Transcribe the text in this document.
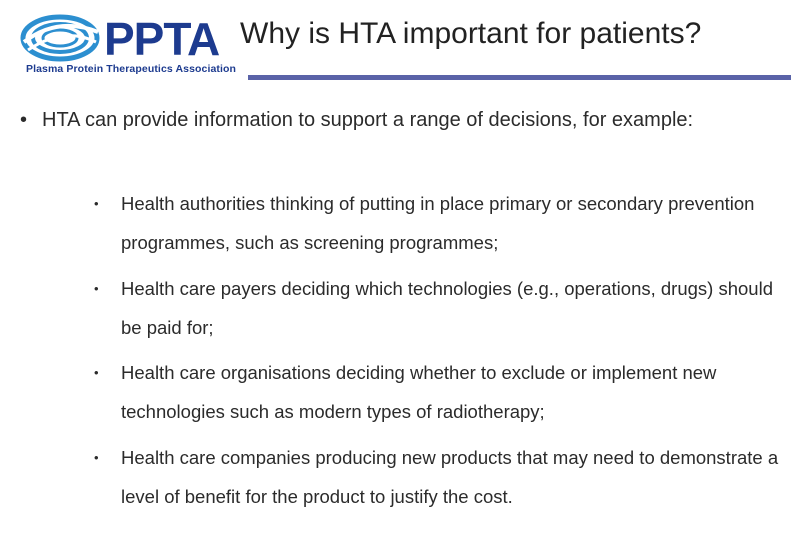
PPTA
Plasma Protein Therapeutics Association
Why is HTA important for patients?
• HTA can provide information to support a range of decisions, for example:
• Health authorities thinking of putting in place primary or secondary prevention programmes, such as screening programmes;
• Health care payers deciding which technologies (e.g., operations, drugs) should be paid for;
• Health care organisations deciding whether to exclude or implement new technologies such as modern types of radiotherapy;
• Health care companies producing new products that may need to demonstrate a level of benefit for the product to justify the cost.
